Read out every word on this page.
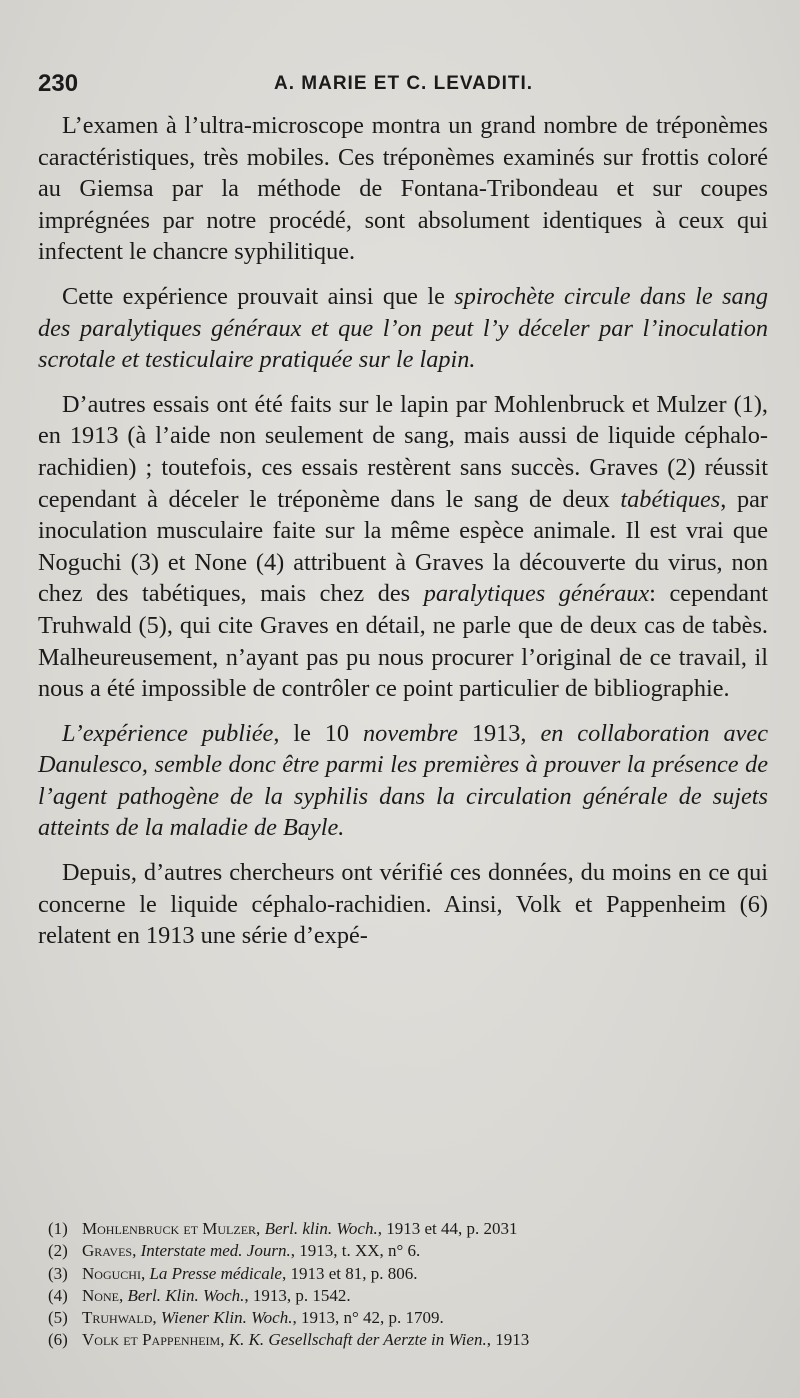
230	A. MARIE ET C. LEVADITI.

L’examen à l’ultra-microscope montra un grand nombre de tréponèmes caractéristiques, très mobiles. Ces tréponèmes examinés sur frottis coloré au Giemsa par la méthode de Fontana-Tribondeau et sur coupes imprégnées par notre procédé, sont absolument identiques à ceux qui infectent le chancre syphilitique.

Cette expérience prouvait ainsi que le spirochète circule dans le sang des paralytiques généraux et que l’on peut l’y déceler par l’inoculation scrotale et testiculaire pratiquée sur le lapin.

D’autres essais ont été faits sur le lapin par Mohlenbruck et Mulzer (1), en 1913 (à l’aide non seulement de sang, mais aussi de liquide céphalo-rachidien) ; toutefois, ces essais restèrent sans succès. Graves (2) réussit cependant à déceler le tréponème dans le sang de deux tabétiques, par inoculation musculaire faite sur la même espèce animale. Il est vrai que Noguchi (3) et None (4) attribuent à Graves la découverte du virus, non chez des tabétiques, mais chez des paralytiques généraux: cependant Truhwald (5), qui cite Graves en détail, ne parle que de deux cas de tabès. Malheureusement, n’ayant pas pu nous procurer l’original de ce travail, il nous a été impossible de contrôler ce point particulier de bibliographie.

L’expérience publiée, le 10 novembre 1913, en collaboration avec Danulesco, semble donc être parmi les premières à prouver la présence de l’agent pathogène de la syphilis dans la circulation générale de sujets atteints de la maladie de Bayle.

Depuis, d’autres chercheurs ont vérifié ces données, du moins en ce qui concerne le liquide céphalo-rachidien. Ainsi, Volk et Pappenheim (6) relatent en 1913 une série d’expé-

(1) Mohlenbruck et Mulzer, Berl. klin. Woch., 1913 et 44, p. 2031
(2) Graves, Interstate med. Journ., 1913, t. XX, n° 6.
(3) Noguchi, La Presse médicale, 1913 et 81, p. 806.
(4) None, Berl. Klin. Woch., 1913, p. 1542.
(5) Truhwald, Wiener Klin. Woch., 1913, n° 42, p. 1709.
(6) Volk et Pappenheim, K. K. Gesellschaft der Aerzte in Wien., 1913
